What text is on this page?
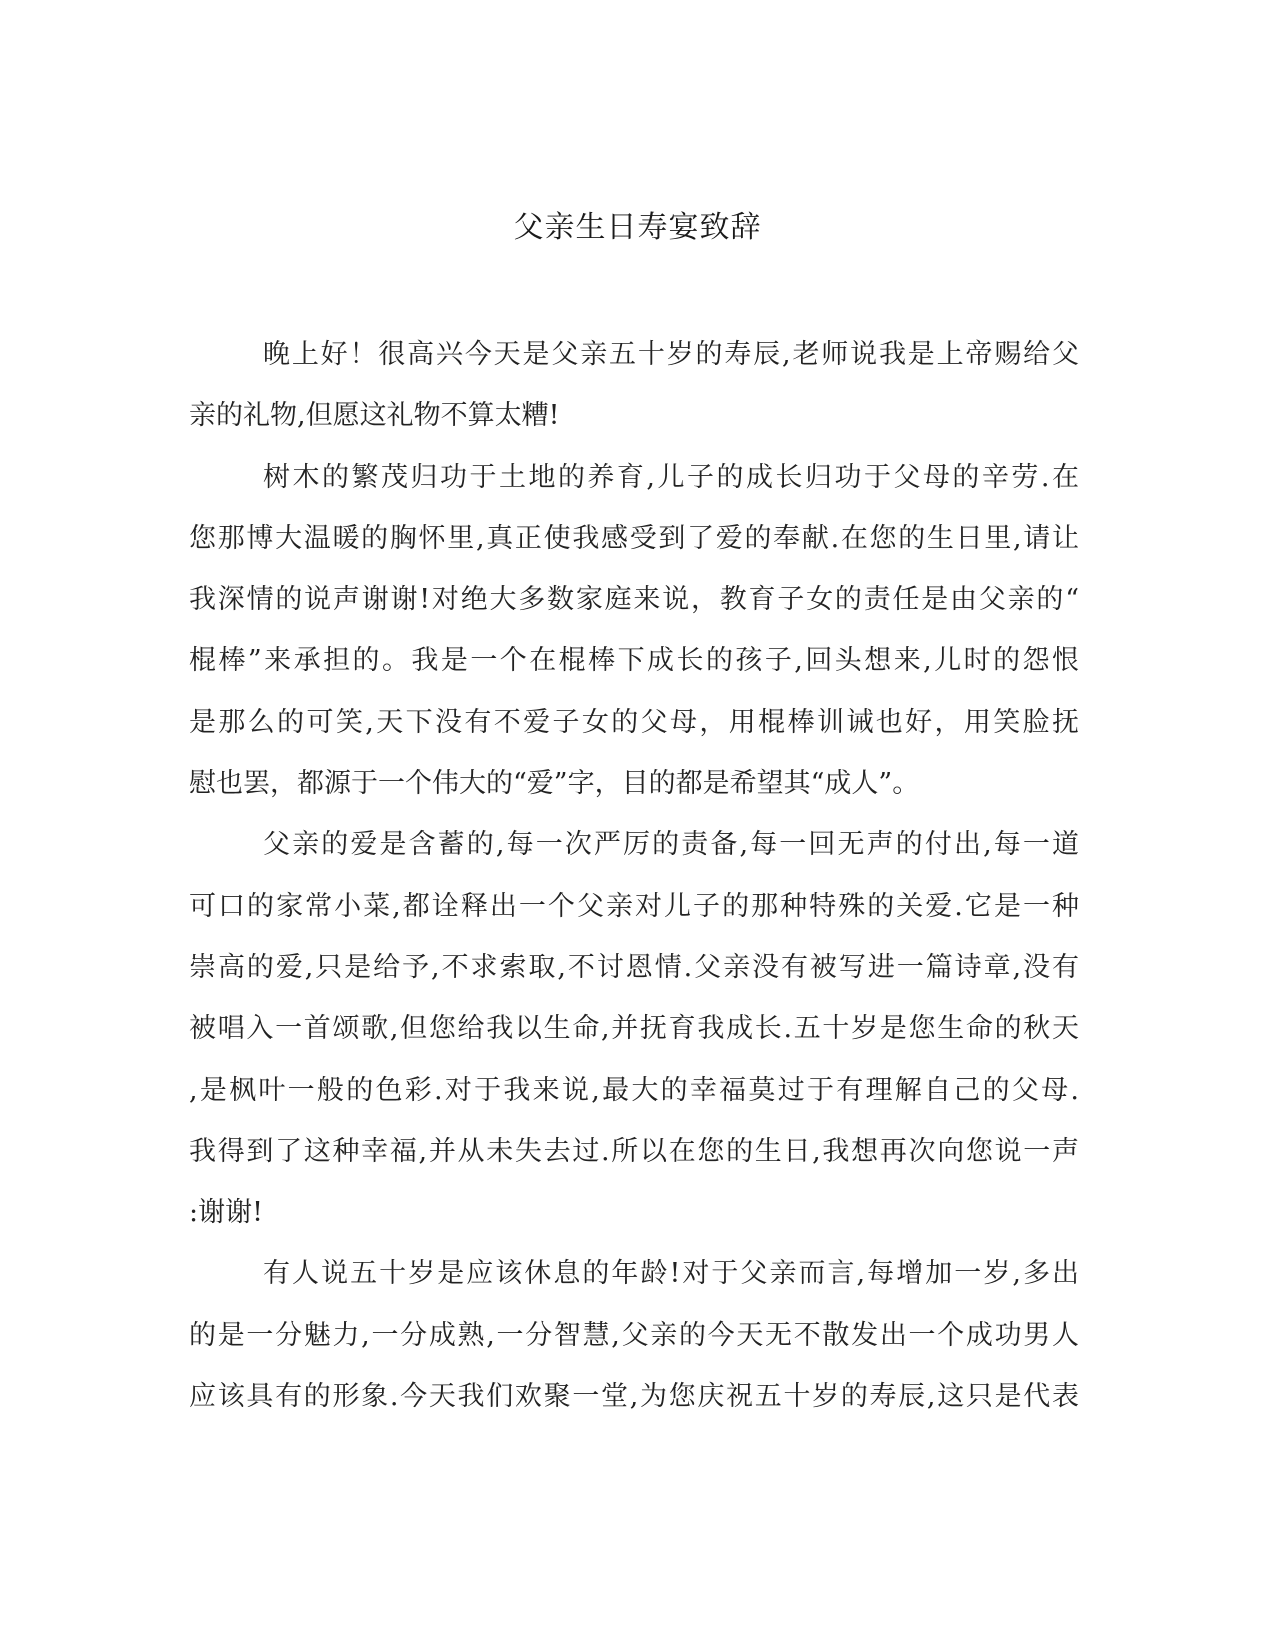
父亲生日寿宴致辞
晚上好！很高兴今天是父亲五十岁的寿辰,老师说我是上帝赐给父
亲的礼物,但愿这礼物不算太糟!
树木的繁茂归功于土地的养育,儿子的成长归功于父母的辛劳.在
您那博大温暖的胸怀里,真正使我感受到了爱的奉献.在您的生日里,请让
我深情的说声谢谢!对绝大多数家庭来说，教育子女的责任是由父亲的“
棍棒”来承担的。我是一个在棍棒下成长的孩子,回头想来,儿时的怨恨
是那么的可笑,天下没有不爱子女的父母，用棍棒训诫也好，用笑脸抚
慰也罢，都源于一个伟大的“爱”字，目的都是希望其“成人”。
父亲的爱是含蓄的,每一次严厉的责备,每一回无声的付出,每一道
可口的家常小菜,都诠释出一个父亲对儿子的那种特殊的关爱.它是一种
崇高的爱,只是给予,不求索取,不讨恩情.父亲没有被写进一篇诗章,没有
被唱入一首颂歌,但您给我以生命,并抚育我成长.五十岁是您生命的秋天
,是枫叶一般的色彩.对于我来说,最大的幸福莫过于有理解自己的父母.
我得到了这种幸福,并从未失去过.所以在您的生日,我想再次向您说一声
:谢谢!
有人说五十岁是应该休息的年龄!对于父亲而言,每增加一岁,多出
的是一分魅力,一分成熟,一分智慧,父亲的今天无不散发出一个成功男人
应该具有的形象.今天我们欢聚一堂,为您庆祝五十岁的寿辰,这只是代表
